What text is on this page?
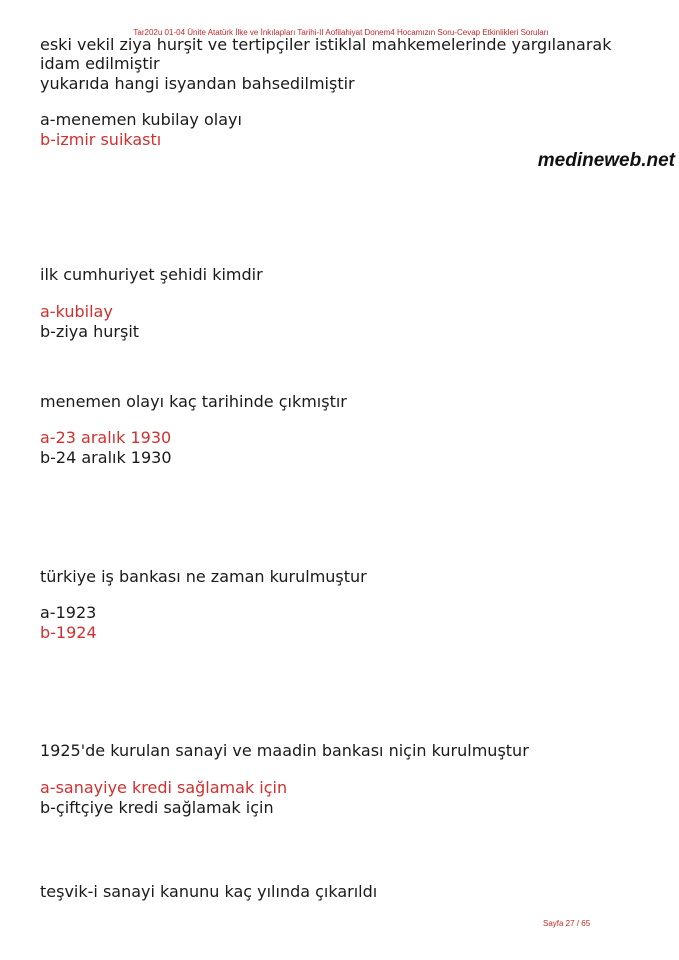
Tar202u 01-04 Ünite Atatürk İlke ve İnkılapları Tarihi-II Aofilahiyat Donem4 Hocamızın Soru-Cevap Etkinlikleri Soruları
eski vekil ziya hurşit ve tertipçiler istiklal mahkemelerinde yargılanarak
idam edilmiştir
yukarıda hangi isyandan bahsedilmiştir
a-menemen kubilay olayı
b-izmir suikastı
medineweb.net
ilk cumhuriyet şehidi kimdir
a-kubilay
b-ziya hurşit
menemen olayı kaç tarihinde çıkmıştır
a-23 aralık 1930
b-24 aralık 1930
türkiye iş bankası ne zaman kurulmuştur
a-1923
b-1924
1925'de kurulan sanayi ve maadin bankası niçin kurulmuştur
a-sanayiye kredi sağlamak için
b-çiftçiye kredi sağlamak için
teşvik-i sanayi kanunu kaç yılında çıkarıldı
Sayfa 27 / 65
